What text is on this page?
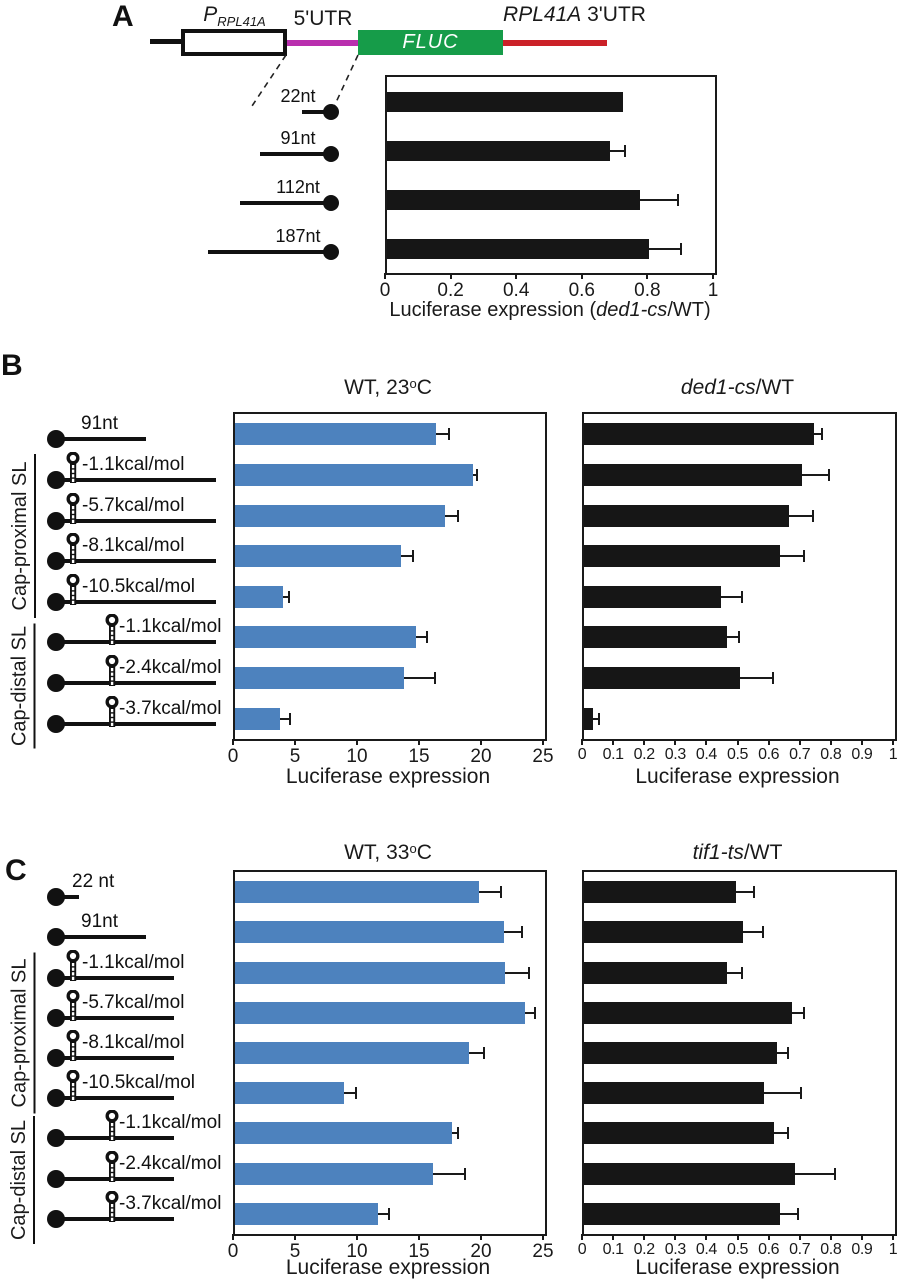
A	$P_{RPL41A}$	5'UTR
FLUC
RPL41A 3'UTR
22nt
91nt
112nt
187nt
0 0.2 0.4 0.6 0.8 1
Luciferase expression (ded1-cs/WT)
B
WT, 23$^o$C	ded1-cs/WT
Cap-proximal SL
Cap-distal SL
91nt
-1.1kcal/mol
-5.7kcal/mol
-8.1kcal/mol
-10.5kcal/mol
-1.1kcal/mol
-2.4kcal/mol
-3.7kcal/mol
0	5 10 15 20 25
Luciferase expression
0 0.1 0.2 0.3 0.4 0.5 0.6 0.7 0.8 0.9 1
Luciferase expression
C
WT, 33$^o$C	tif1-ts/WT
Cap-proximal SL
Cap-distal SL
22 nt
91nt
-1.1kcal/mol
-5.7kcal/mol
-8.1kcal/mol
-10.5kcal/mol
-1.1kcal/mol
-2.4kcal/mol
-3.7kcal/mol
0	5 10 15 20 25
Luciferase expression
0 0.1 0.2 0.3 0.4 0.5 0.6 0.7 0.8 0.9 1
Luciferase expression
